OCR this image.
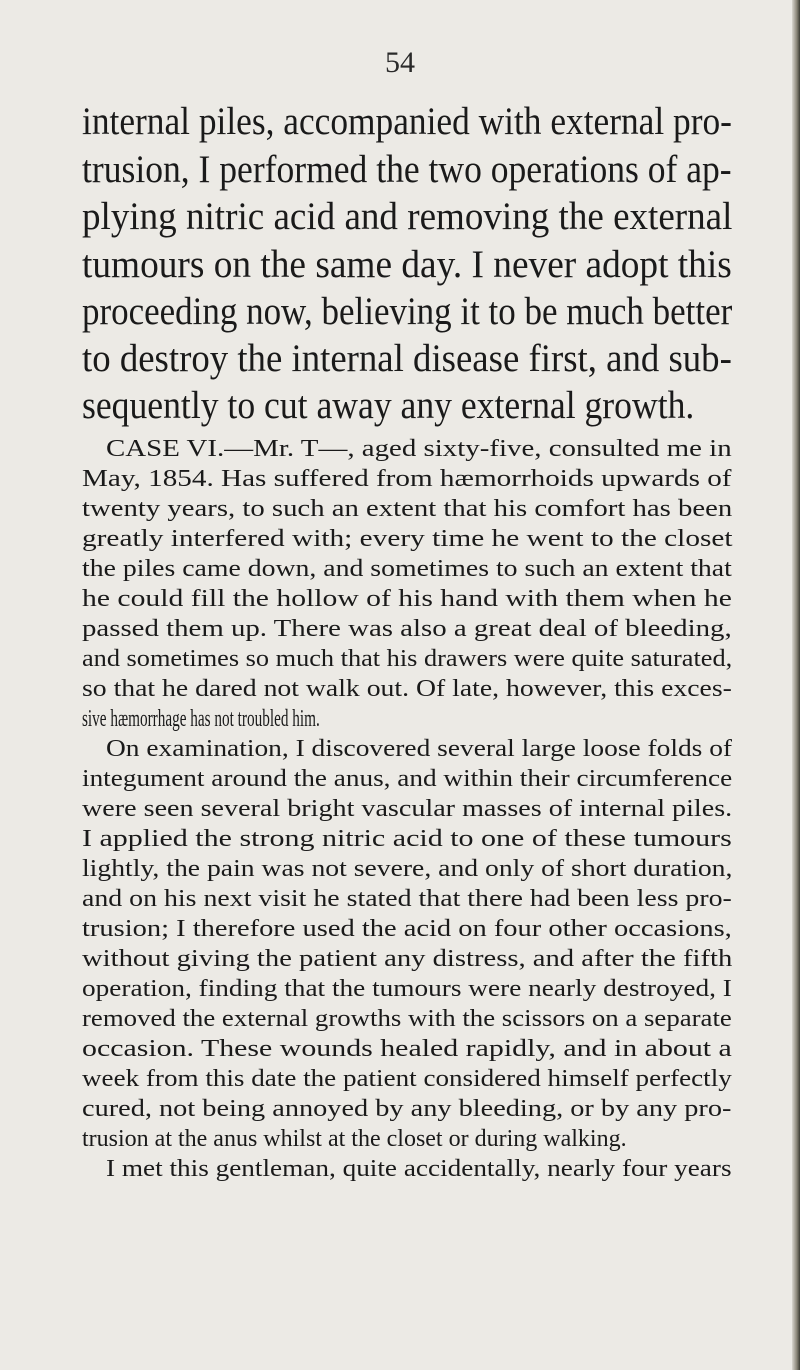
54
internal piles, accompanied with external pro-
trusion, I performed the two operations of ap-
plying nitric acid and removing the external
tumours on the same day. I never adopt this
proceeding now, believing it to be much better
to destroy the internal disease first, and sub-
sequently to cut away any external growth.
CASE VI.—Mr. T—, aged sixty-five, consulted me in
May, 1854. Has suffered from hæmorrhoids upwards of
twenty years, to such an extent that his comfort has been
greatly interfered with; every time he went to the closet
the piles came down, and sometimes to such an extent that
he could fill the hollow of his hand with them when he
passed them up. There was also a great deal of bleeding,
and sometimes so much that his drawers were quite saturated,
so that he dared not walk out. Of late, however, this exces-
sive hæmorrhage has not troubled him.
On examination, I discovered several large loose folds of
integument around the anus, and within their circumference
were seen several bright vascular masses of internal piles.
I applied the strong nitric acid to one of these tumours
lightly, the pain was not severe, and only of short duration,
and on his next visit he stated that there had been less pro-
trusion; I therefore used the acid on four other occasions,
without giving the patient any distress, and after the fifth
operation, finding that the tumours were nearly destroyed, I
removed the external growths with the scissors on a separate
occasion. These wounds healed rapidly, and in about a
week from this date the patient considered himself perfectly
cured, not being annoyed by any bleeding, or by any pro-
trusion at the anus whilst at the closet or during walking.
I met this gentleman, quite accidentally, nearly four years
